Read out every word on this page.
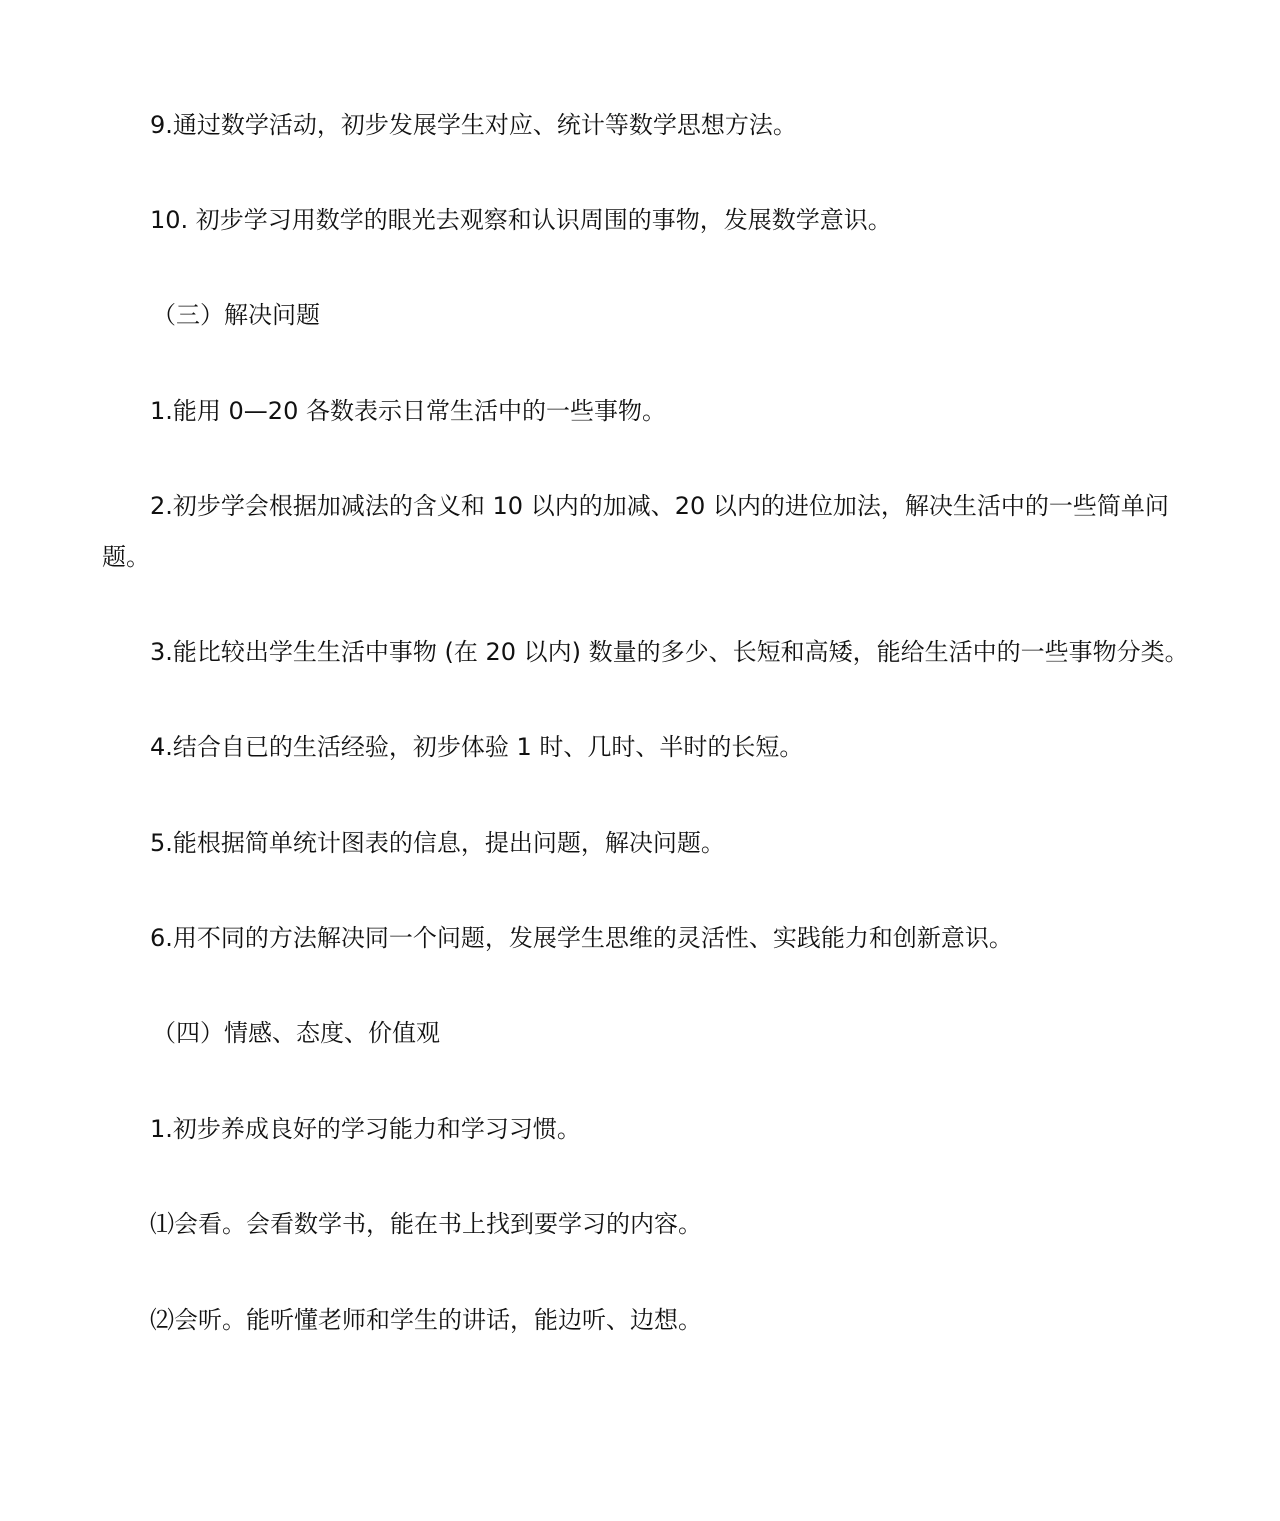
9.通过数学活动，初步发展学生对应、统计等数学思想方法。
10. 初步学习用数学的眼光去观察和认识周围的事物，发展数学意识。
（三）解决问题
1.能用 0—20 各数表示日常生活中的一些事物。
2.初步学会根据加减法的含义和 10 以内的加减、20 以内的进位加法，解决生活中的一些简单问
题。
3.能比较出学生生活中事物 (在 20 以内) 数量的多少、长短和高矮，能给生活中的一些事物分类。
4.结合自已的生活经验，初步体验 1 时、几时、半时的长短。
5.能根据简单统计图表的信息，提出问题，解决问题。
6.用不同的方法解决同一个问题，发展学生思维的灵活性、实践能力和创新意识。
（四）情感、态度、价值观
1.初步养成良好的学习能力和学习习惯。
⑴会看。会看数学书，能在书上找到要学习的内容。
⑵会听。能听懂老师和学生的讲话，能边听、边想。
